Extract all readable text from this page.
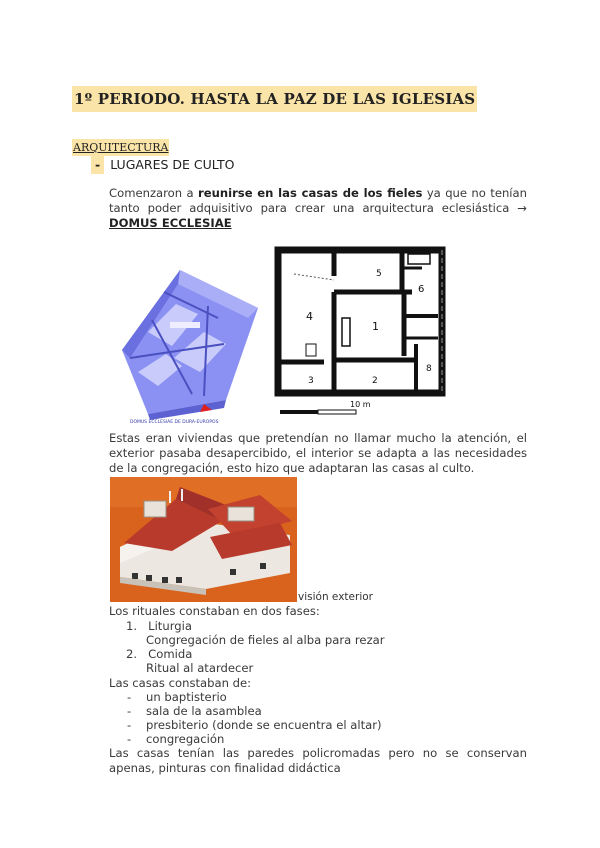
1º PERIODO. HASTA LA PAZ DE LAS IGLESIAS
ARQUITECTURA
- LUGARES DE CULTO
Comenzaron a reunirse en las casas de los fieles ya que no tenían tanto poder adquisitivo para crear una arquitectura eclesiástica → DOMUS ECCLESIAE
DOMUS ECCLESIAE DE DURA-EUROPOS
5
6
4
1
3	2
8
10 m
Estas eran viviendas que pretendían no llamar mucho la atención, el exterior pasaba desapercibido, el interior se adapta a las necesidades de la congregación, esto hizo que adaptaran las casas al culto.
visión exterior
Los rituales constaban en dos fases:
1. Liturgia
Congregación de fieles al alba para rezar
2. Comida
Ritual al atardecer
Las casas constaban de:
- un baptisterio
- sala de la asamblea
- presbiterio (donde se encuentra el altar)
- congregación
Las casas tenían las paredes policromadas pero no se conservan apenas, pinturas con finalidad didáctica
